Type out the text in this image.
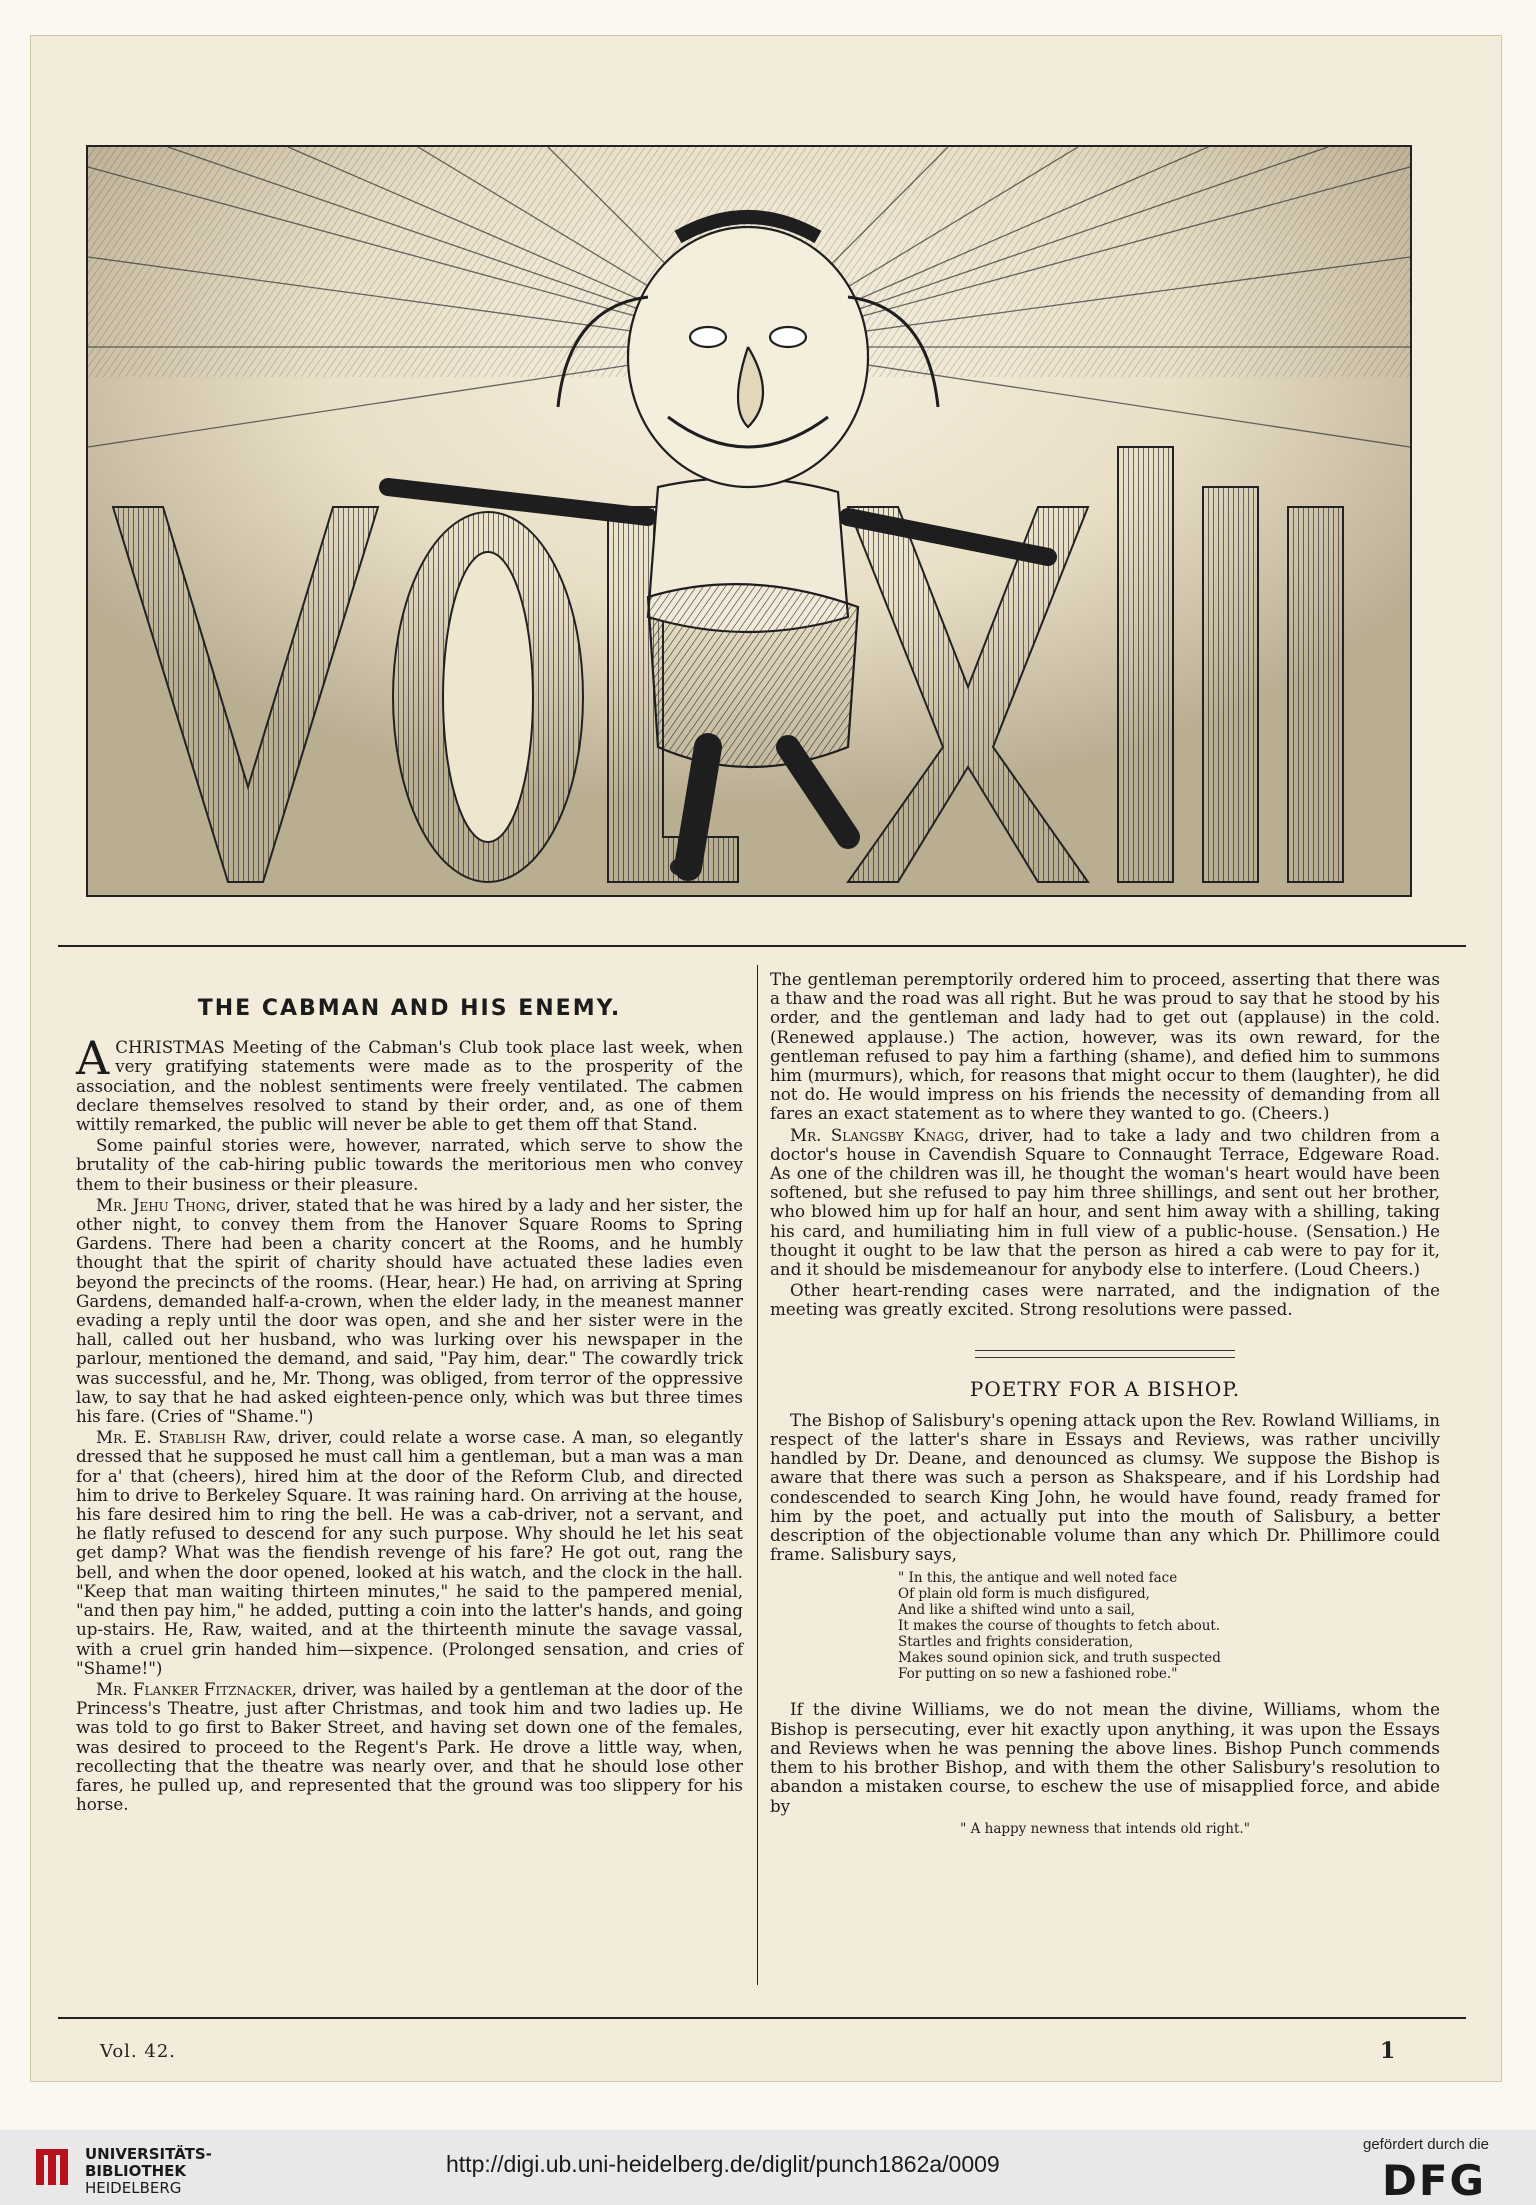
THE CABMAN AND HIS ENEMY.

ACHRISTMAS Meeting of the Cabman's Club took place last week, when very gratifying statements were made as to the prosperity of the association, and the noblest sentiments were freely ventilated. The cabmen declare themselves resolved to stand by their order, and, as one of them wittily remarked, the public will never be able to get them off that Stand.

Some painful stories were, however, narrated, which serve to show the brutality of the cab-hiring public towards the meritorious men who convey them to their business or their pleasure.

Mr. Jehu Thong, driver, stated that he was hired by a lady and her sister, the other night, to convey them from the Hanover Square Rooms to Spring Gardens. There had been a charity concert at the Rooms, and he humbly thought that the spirit of charity should have actuated these ladies even beyond the precincts of the rooms. (Hear, hear.) He had, on arriving at Spring Gardens, demanded half-a-crown, when the elder lady, in the meanest manner evading a reply until the door was open, and she and her sister were in the hall, called out her husband, who was lurking over his newspaper in the parlour, mentioned the demand, and said, "Pay him, dear." The cowardly trick was successful, and he, Mr. Thong, was obliged, from terror of the oppressive law, to say that he had asked eighteen-pence only, which was but three times his fare. (Cries of "Shame.")

Mr. E. Stablish Raw, driver, could relate a worse case. A man, so elegantly dressed that he supposed he must call him a gentleman, but a man was a man for a' that (cheers), hired him at the door of the Reform Club, and directed him to drive to Berkeley Square. It was raining hard. On arriving at the house, his fare desired him to ring the bell. He was a cab-driver, not a servant, and he flatly refused to descend for any such purpose. Why should he let his seat get damp? What was the fiendish revenge of his fare? He got out, rang the bell, and when the door opened, looked at his watch, and the clock in the hall. "Keep that man waiting thirteen minutes," he said to the pampered menial, "and then pay him," he added, putting a coin into the latter's hands, and going up-stairs. He, Raw, waited, and at the thirteenth minute the savage vassal, with a cruel grin handed him—sixpence. (Prolonged sensation, and cries of "Shame!")

Mr. Flanker Fitznacker, driver, was hailed by a gentleman at the door of the Princess's Theatre, just after Christmas, and took him and two ladies up. He was told to go first to Baker Street, and having set down one of the females, was desired to proceed to the Regent's Park. He drove a little way, when, recollecting that the theatre was nearly over, and that he should lose other fares, he pulled up, and represented that the ground was too slippery for his horse.

The gentleman peremptorily ordered him to proceed, asserting that there was a thaw and the road was all right. But he was proud to say that he stood by his order, and the gentleman and lady had to get out (applause) in the cold. (Renewed applause.) The action, however, was its own reward, for the gentleman refused to pay him a farthing (shame), and defied him to summons him (murmurs), which, for reasons that might occur to them (laughter), he did not do. He would impress on his friends the necessity of demanding from all fares an exact statement as to where they wanted to go. (Cheers.)

Mr. Slangsby Knagg, driver, had to take a lady and two children from a doctor's house in Cavendish Square to Connaught Terrace, Edgeware Road. As one of the children was ill, he thought the woman's heart would have been softened, but she refused to pay him three shillings, and sent out her brother, who blowed him up for half an hour, and sent him away with a shilling, taking his card, and humiliating him in full view of a public-house. (Sensation.) He thought it ought to be law that the person as hired a cab were to pay for it, and it should be misdemeanour for anybody else to interfere. (Loud Cheers.)

Other heart-rending cases were narrated, and the indignation of the meeting was greatly excited. Strong resolutions were passed.

POETRY FOR A BISHOP.

The Bishop of Salisbury's opening attack upon the Rev. Rowland Williams, in respect of the latter's share in Essays and Reviews, was rather uncivilly handled by Dr. Deane, and denounced as clumsy. We suppose the Bishop is aware that there was such a person as Shakspeare, and if his Lordship had condescended to search King John, he would have found, ready framed for him by the poet, and actually put into the mouth of Salisbury, a better description of the objectionable volume than any which Dr. Phillimore could frame. Salisbury says,

" In this, the antique and well noted face
Of plain old form is much disfigured,
And like a shifted wind unto a sail,
It makes the course of thoughts to fetch about.
Startles and frights consideration,
Makes sound opinion sick, and truth suspected
For putting on so new a fashioned robe."

If the divine Williams, we do not mean the divine, Williams, whom the Bishop is persecuting, ever hit exactly upon anything, it was upon the Essays and Reviews when he was penning the above lines. Bishop Punch commends them to his brother Bishop, and with them the other Salisbury's resolution to abandon a mistaken course, to eschew the use of misapplied force, and abide by

" A happy newness that intends old right."
Vol. 42.	1
UNIVERSITÄTS-
BIBLIOTHEK
HEIDELBERG
http://digi.ub.uni-heidelberg.de/diglit/punch1862a/0009
gefördert durch die
DFG
